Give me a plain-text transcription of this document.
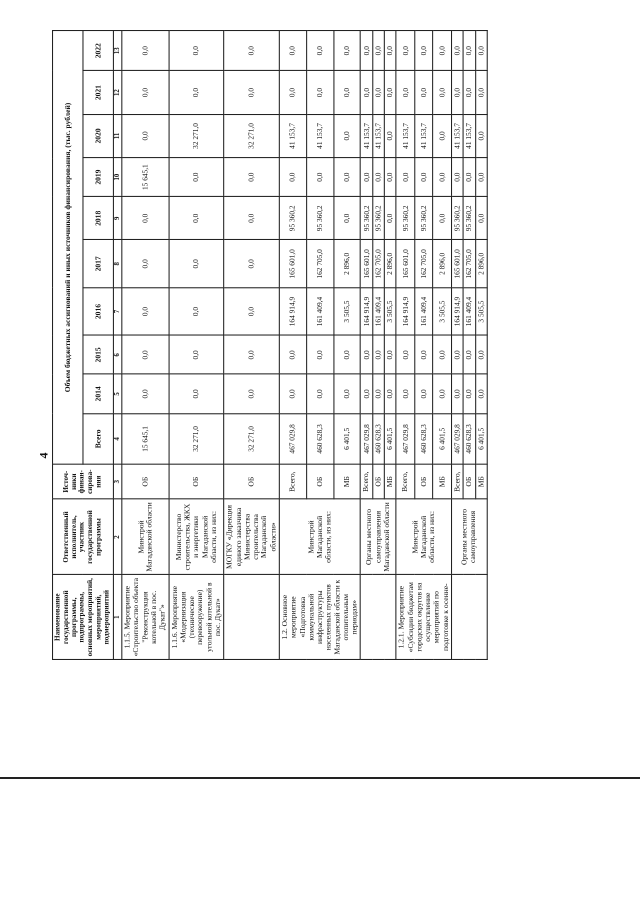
4
Наименование государственной программы, подпрограммы, основных мероприятий, мероприятий, подмероприятий	Ответственный исполнитель, участник государственной программы	Источ-ники финан-сирова-ния	Объем бюджетных ассигнований и иных источников финансирования, (тыс. рублей)									
			Всего	2014	2015	2016	2017	2018	2019	2020	2021	2022
1	2	3	4	5	6	7	8	9	10	11	12	13
1.1.5. Мероприятие «Строительство объекта "Реконструкция котельной в пос. Дукат"»	Минстрой Магаданской области	ОБ	15 645,1	0,0	0,0	0,0	0,0	0,0	15 645,1	0,0	0,0	0,0
1.1.6. Мероприятие «Модернизация (техническое перевооружение) угольной котельной в пос. Дукат»	Министерство строительства, ЖКХ и энергетики Магаданской области, из них:	ОБ	32 271,0	0,0	0,0	0,0	0,0	0,0	0,0	32 271,0	0,0	0,0
	МОГКУ «Дирекция единого заказчика Министерства строительства Магаданской области»	ОБ	32 271,0	0,0	0,0	0,0	0,0	0,0	0,0	32 271,0	0,0	0,0
1.2. Основное мероприятие «Подготовка коммунальной инфраструктуры населенных пунктов Магаданской области к отопительным периодам»	Минстрой Магаданской области, из них:	Всего,	467 029,8	0,0	0,0	164 914,9	165 601,0	95 360,2	0,0	41 153,7	0,0	0,0
		ОБ	460 628,3	0,0	0,0	161 409,4	162 705,0	95 360,2	0,0	41 153,7	0,0	0,0
		МБ	6 401,5	0,0	0,0	3 505,5	2 896,0	0,0	0,0	0,0	0,0	0,0
	Органы местного самоуправления Магаданской области	Всего,	467 029,8	0,0	0,0	164 914,9	165 601,0	95 360,2	0,0	41 153,7	0,0	0,0
		ОБ	460 628,3	0,0	0,0	161 409,4	162 705,0	95 360,2	0,0	41 153,7	0,0	0,0
		МБ	6 401,5	0,0	0,0	3 505,5	2 896,0	0,0	0,0	0,0	0,0	0,0
1.2.1. Мероприятие «Субсидии бюджетам городских округов на осуществление мероприятий по подготовке к осенне-	Минстрой Магаданской области, из них:	Всего,	467 029,8	0,0	0,0	164 914,9	165 601,0	95 360,2	0,0	41 153,7	0,0	0,0
		ОБ	460 628,3	0,0	0,0	161 409,4	162 705,0	95 360,2	0,0	41 153,7	0,0	0,0
		МБ	6 401,5	0,0	0,0	3 505,5	2 896,0	0,0	0,0	0,0	0,0	0,0
	Органы местного самоуправления	Всего,	467 029,8	0,0	0,0	164 914,9	165 601,0	95 360,2	0,0	41 153,7	0,0	0,0
		ОБ	460 628,3	0,0	0,0	161 409,4	162 705,0	95 360,2	0,0	41 153,7	0,0	0,0
		МБ	6 401,5	0,0	0,0	3 505,5	2 896,0	0,0	0,0	0,0	0,0	0,0
